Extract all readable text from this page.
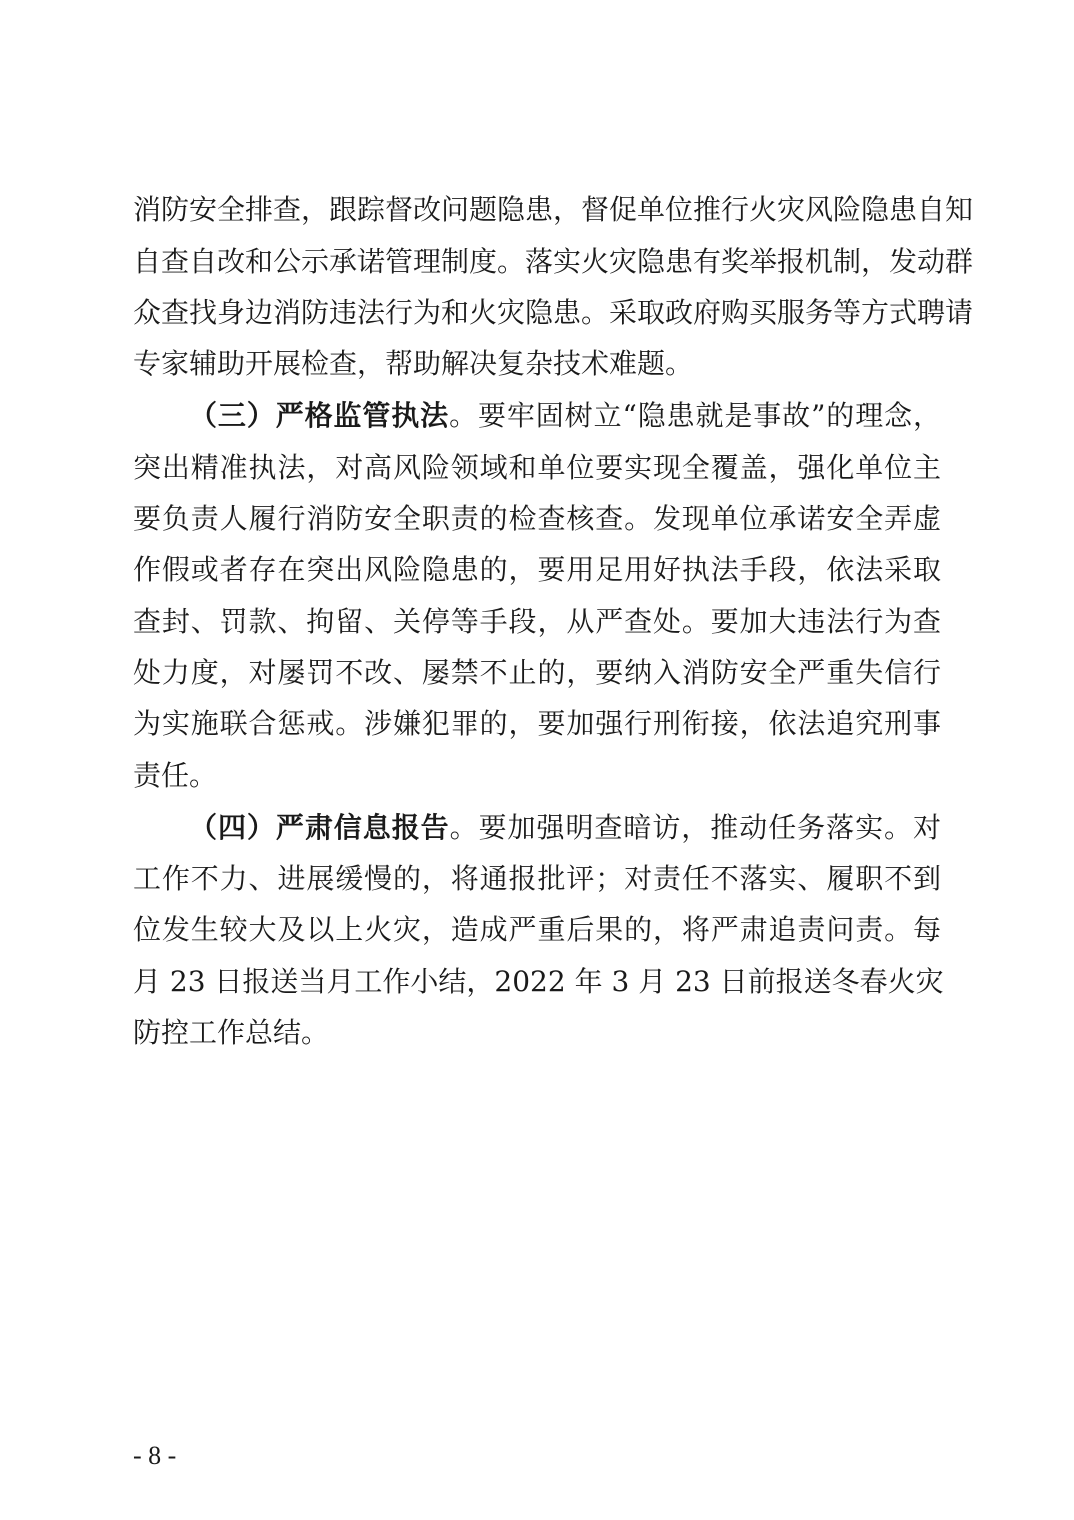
消防安全排查，跟踪督改问题隐患，督促单位推行火灾风险隐患自知
自查自改和公示承诺管理制度。落实火灾隐患有奖举报机制，发动群
众查找身边消防违法行为和火灾隐患。采取政府购买服务等方式聘请
专家辅助开展检查，帮助解决复杂技术难题。
（三）严格监管执法。要牢固树立“隐患就是事故”的理念，
突出精准执法，对高风险领域和单位要实现全覆盖，强化单位主
要负责人履行消防安全职责的检查核查。发现单位承诺安全弄虚
作假或者存在突出风险隐患的，要用足用好执法手段，依法采取
查封、罚款、拘留、关停等手段，从严查处。要加大违法行为查
处力度，对屡罚不改、屡禁不止的，要纳入消防安全严重失信行
为实施联合惩戒。涉嫌犯罪的，要加强行刑衔接，依法追究刑事
责任。
（四）严肃信息报告。要加强明查暗访，推动任务落实。对
工作不力、进展缓慢的，将通报批评；对责任不落实、履职不到
位发生较大及以上火灾，造成严重后果的，将严肃追责问责。每
月 23 日报送当月工作小结，2022 年 3 月 23 日前报送冬春火灾
防控工作总结。
- 8 -
